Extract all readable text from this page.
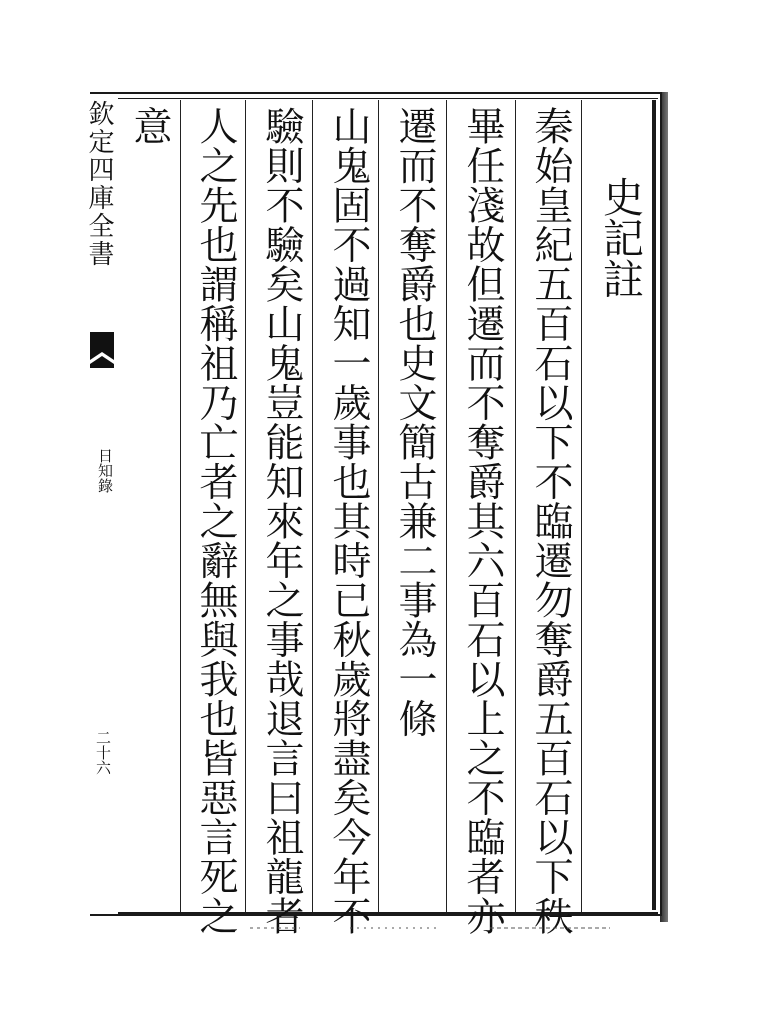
欽定四庫全書
日知錄
二十六
史記註
秦始皇紀五百石以下不臨遷勿奪爵五百石以下秩
畢任淺故但遷而不奪爵其六百石以上之不臨者亦
遷而不奪爵也史文簡古兼二事為一條
山鬼固不過知一歲事也其時已秋歲將盡矣今年不
驗則不驗矣山鬼豈能知來年之事哉退言曰祖龍者
人之先也謂稱祖乃亡者之辭無與我也皆惡言死之
意
